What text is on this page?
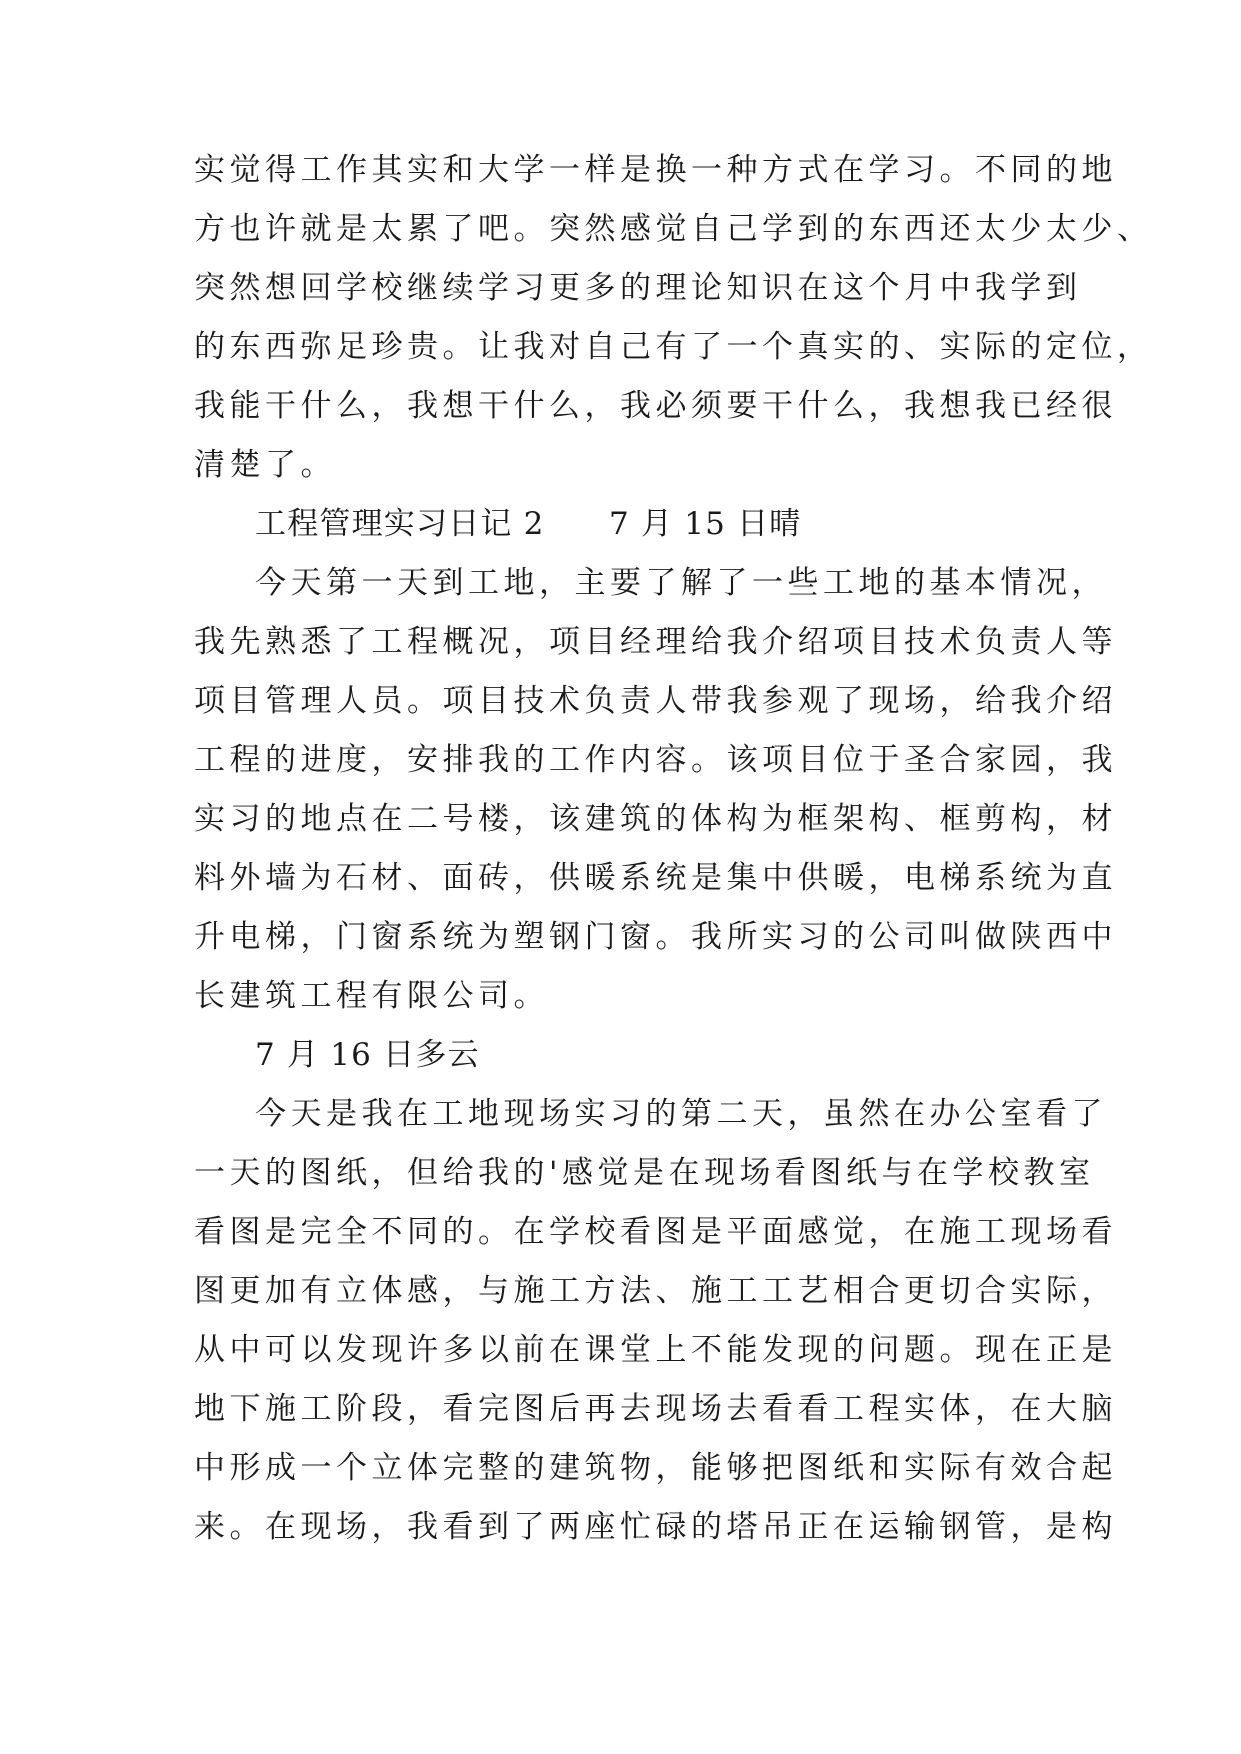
实觉得工作其实和大学一样是换一种方式在学习。不同的地
方也许就是太累了吧。突然感觉自己学到的东西还太少太少、
突然想回学校继续学习更多的理论知识在这个月中我学到
的东西弥足珍贵。让我对自己有了一个真实的、实际的定位，
我能干什么，我想干什么，我必须要干什么，我想我已经很
清楚了。
工程管理实习日记 2　　7 月 15 日晴
今天第一天到工地，主要了解了一些工地的基本情况，
我先熟悉了工程概况，项目经理给我介绍项目技术负责人等
项目管理人员。项目技术负责人带我参观了现场，给我介绍
工程的进度，安排我的工作内容。该项目位于圣合家园，我
实习的地点在二号楼，该建筑的体构为框架构、框剪构，材
料外墙为石材、面砖，供暖系统是集中供暖，电梯系统为直
升电梯，门窗系统为塑钢门窗。我所实习的公司叫做陕西中
长建筑工程有限公司。
7 月 16 日多云
今天是我在工地现场实习的第二天，虽然在办公室看了
一天的图纸，但给我的'感觉是在现场看图纸与在学校教室
看图是完全不同的。在学校看图是平面感觉，在施工现场看
图更加有立体感，与施工方法、施工工艺相合更切合实际，
从中可以发现许多以前在课堂上不能发现的问题。现在正是
地下施工阶段，看完图后再去现场去看看工程实体，在大脑
中形成一个立体完整的建筑物，能够把图纸和实际有效合起
来。在现场，我看到了两座忙碌的塔吊正在运输钢管，是构
